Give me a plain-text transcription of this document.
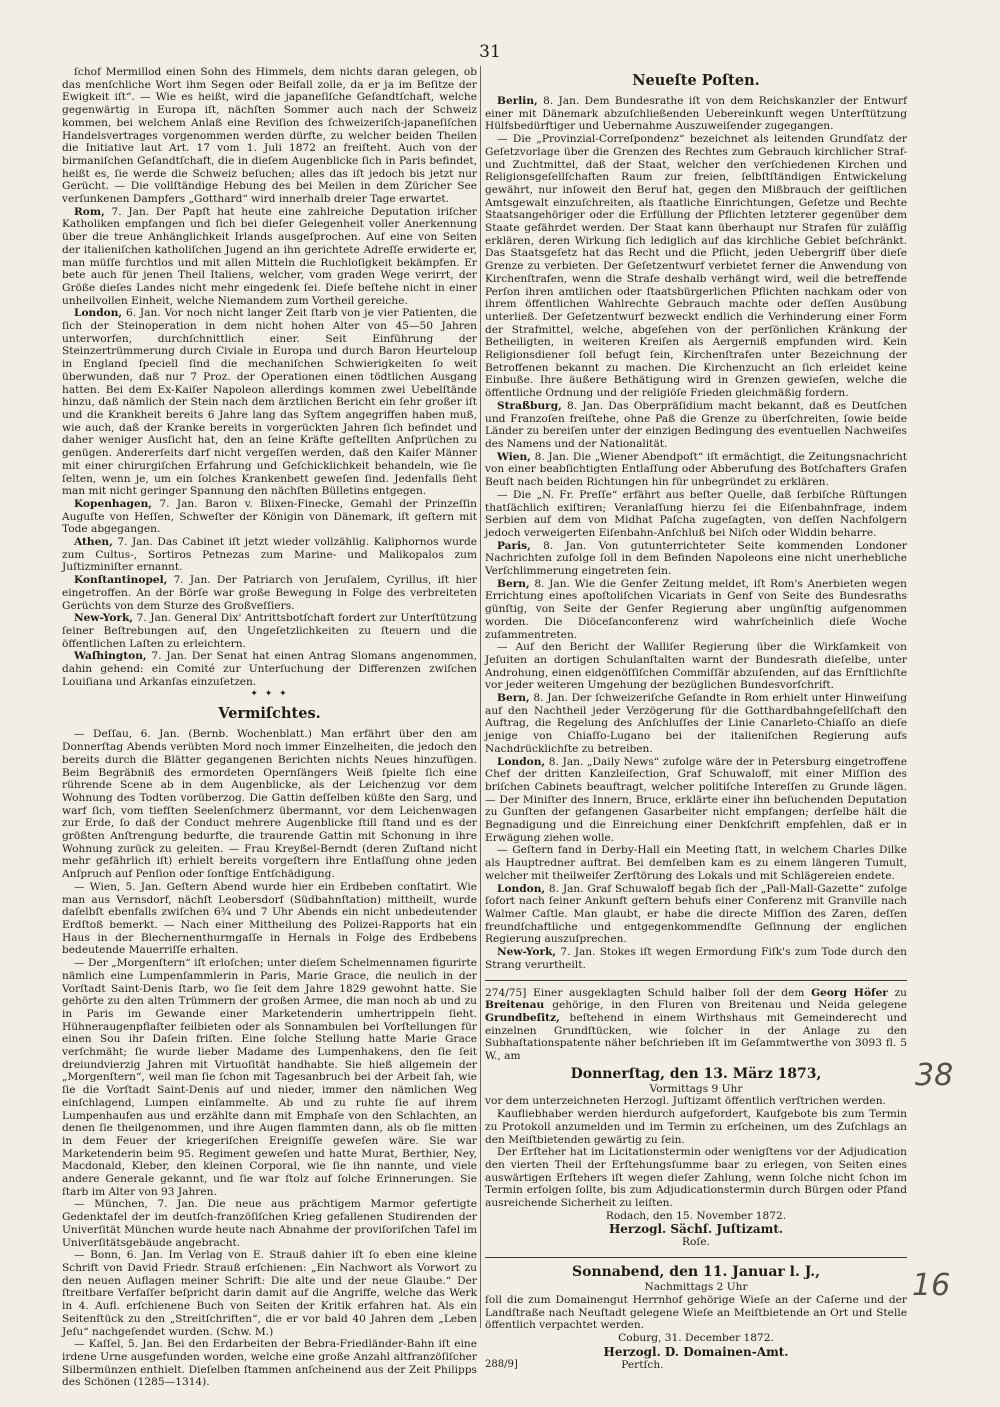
31

ſchof Mermillod einen Sohn des Himmels, dem nichts daran gelegen, ob das menſchliche Wort ihm Segen oder Beifall zolle, da er ja im Beſitze der Ewigkeit iſt“. — Wie es heißt, wird die japaneſiſche Geſandtſchaft, welche gegenwärtig in Europa iſt, nächſten Sommer auch nach der Schweiz kommen, bei welchem Anlaß eine Reviſion des ſchweizeriſch-japaneſiſchen Handelsvertrages vorgenommen werden dürfte, zu welcher beiden Theilen die Initiative laut Art. 17 vom 1. Juli 1872 an freiſteht. Auch von der birmaniſchen Geſandtſchaft, die in dieſem Augenblicke ſich in Paris befindet, heißt es, ſie werde die Schweiz beſuchen; alles das iſt jedoch bis jetzt nur Gerücht. — Die vollſtändige Hebung des bei Meilen in dem Züricher See verſunkenen Dampfers „Gotthard“ wird innerhalb dreier Tage erwartet.

Rom, 7. Jan. Der Papſt hat heute eine zahlreiche Deputation iriſcher Katholiken empfangen und ſich bei dieſer Gelegenheit voller Anerkennung über die treue Anhänglichkeit Irlands ausgeſprochen. Auf eine von Seiten der italieniſchen katholiſchen Jugend an ihn gerichtete Adreſſe erwiderte er, man müſſe furchtlos und mit allen Mitteln die Ruchloſigkeit bekämpfen. Er bete auch für jenen Theil Italiens, welcher, vom graden Wege verirrt, der Größe dieſes Landes nicht mehr eingedenk ſei. Dieſe beſtehe nicht in einer unheilvollen Einheit, welche Niemandem zum Vortheil gereiche.

London, 6. Jan. Vor noch nicht langer Zeit ſtarb von je vier Patienten, die ſich der Steinoperation in dem nicht hohen Alter von 45—50 Jahren unterworfen, durchſchnittlich einer. Seit Einführung der Steinzertrümmerung durch Civiale in Europa und durch Baron Heurteloup in England ſpeciell ſind die mechaniſchen Schwierigkeiten ſo weit überwunden, daß nur 7 Proz. der Operationen einen tödtlichen Ausgang hatten. Bei dem Ex-Kaiſer Napoleon allerdings kommen zwei Uebelſtände hinzu, daß nämlich der Stein nach dem ärztlichen Bericht ein ſehr großer iſt und die Krankheit bereits 6 Jahre lang das Syſtem angegriffen haben muß, wie auch, daß der Kranke bereits in vorgerückten Jahren ſich befindet und daher weniger Ausſicht hat, den an ſeine Kräfte geſtellten Anſprüchen zu genügen. Andererſeits darf nicht vergeſſen werden, daß den Kaiſer Männer mit einer chirurgiſchen Erfahrung und Geſchicklichkeit behandeln, wie ſie ſelten, wenn je, um ein ſolches Krankenbett geweſen ſind. Jedenfalls ſieht man mit nicht geringer Spannung den nächſten Bülletins entgegen.

Kopenhagen, 7. Jan. Baron v. Blixen-Finecke, Gemahl der Prinzeſſin Auguſte von Heſſen, Schweſter der Königin von Dänemark, iſt geſtern mit Tode abgegangen.

Athen, 7. Jan. Das Cabinet iſt jetzt wieder vollzählig. Kaliphornos wurde zum Cultus-, Sortiros Petnezas zum Marine- und Malikopalos zum Juſtizminiſter ernannt.

Konſtantinopel, 7. Jan. Der Patriarch von Jeruſalem, Cyrillus, iſt hier eingetroffen. An der Börſe war große Bewegung in Folge des verbreiteten Gerüchts von dem Sturze des Großveſſiers.

New-York, 7. Jan. General Dix' Antrittsbotſchaft fordert zur Unterſtützung ſeiner Beſtrebungen auf, den Ungeſetzlichkeiten zu ſteuern und die öffentlichen Laſten zu erleichtern.

Waſhington, 7. Jan. Der Senat hat einen Antrag Slomans angenommen, dahin gehend: ein Comité zur Unterſuchung der Differenzen zwiſchen Louiſiana und Arkanſas einzuſetzen.

✦ ✦ ✦
Vermiſchtes.

— Deſſau, 6. Jan. (Bernb. Wochenblatt.) Man erfährt über den am Donnerſtag Abends verübten Mord noch immer Einzelheiten, die jedoch den bereits durch die Blätter gegangenen Berichten nichts Neues hinzufügen. Beim Begräbniß des ermordeten Opernſängers Weiß ſpielte ſich eine rührende Scene ab in dem Augenblicke, als der Leichenzug vor dem Wohnung des Todten vorüberzog. Die Gattin deſſelben küßte den Sarg, und warf ſich, vom tiefſten Seelenſchmerz übermannt, vor dem Leichenwagen zur Erde, ſo daß der Conduct mehrere Augenblicke ſtill ſtand und es der größten Anſtrengung bedurfte, die traurende Gattin mit Schonung in ihre Wohnung zurück zu geleiten. — Frau Kreyßel-Berndt (deren Zuſtand nicht mehr gefährlich iſt) erhielt bereits vorgeſtern ihre Entlaſſung ohne jeden Anſpruch auf Penſion oder ſonſtige Entſchädigung.

— Wien, 5. Jan. Geſtern Abend wurde hier ein Erdbeben conſtatirt. Wie man aus Vernsdorf, nächſt Leobersdorf (Südbahnſtation) mittheilt, wurde daſelbſt ebenfalls zwiſchen 6¾ und 7 Uhr Abends ein nicht unbedeutender Erdſtoß bemerkt. — Nach einer Mittheilung des Polizei-Rapports hat ein Haus in der Blechernenthurmgaſſe in Hernals in Folge des Erdbebens bedeutende Mauerriſſe erhalten.

— Der „Morgenſtern“ iſt erloſchen; unter dieſem Schelmennamen figurirte nämlich eine Lumpenſammlerin in Paris, Marie Grace, die neulich in der Vorſtadt Saint-Denis ſtarb, wo ſie ſeit dem Jahre 1829 gewohnt hatte. Sie gehörte zu den alten Trümmern der großen Armee, die man noch ab und zu in Paris im Gewande einer Marketenderin umhertrippeln ſieht. Hühneraugenpflaſter feilbieten oder als Sonnambulen bei Vorſtellungen für einen Sou ihr Daſein friſten. Eine ſolche Stellung hatte Marie Grace verſchmäht; ſie wurde lieber Madame des Lumpenhakens, den ſie ſeit dreiundvierzig Jahren mit Virtuoſität handhabte. Sie hieß allgemein der „Morgenſtern“, weil man ſie ſchon mit Tagesanbruch bei der Arbeit ſah, wie ſie die Vorſtadt Saint-Denis auf und nieder, immer den nämlichen Weg einſchlagend, Lumpen einſammelte. Ab und zu ruhte ſie auf ihrem Lumpenhaufen aus und erzählte dann mit Emphaſe von den Schlachten, an denen ſie theilgenommen, und ihre Augen flammten dann, als ob ſie mitten in dem Feuer der kriegeriſchen Ereigniſſe geweſen wäre. Sie war Marketenderin beim 95. Regiment geweſen und hatte Murat, Berthier, Ney, Macdonald, Kleber, den kleinen Corporal, wie ſie ihn nannte, und viele andere Generale gekannt, und ſie war ſtolz auf ſolche Erinnerungen. Sie ſtarb im Alter von 93 Jahren.

— München, 7. Jan. Die neue aus prächtigem Marmor gefertigte Gedenktafel der im deutſch-franzöſiſchen Krieg gefallenen Studirenden der Univerſität München wurde heute nach Abnahme der proviſoriſchen Tafel im Univerſitätsgebäude angebracht.

— Bonn, 6. Jan. Im Verlag von E. Strauß dahier iſt ſo eben eine kleine Schrift von David Friedr. Strauß erſchienen: „Ein Nachwort als Vorwort zu den neuen Auflagen meiner Schrift: Die alte und der neue Glaube.“ Der ſtreitbare Verfaſſer beſpricht darin damit auf die Angriffe, welche das Werk in 4. Aufl. erſchienene Buch von Seiten der Kritik erfahren hat. Als ein Seitenſtück zu den „Streitſchriften“, die er vor bald 40 Jahren dem „Leben Jeſu“ nachgeſendet wurden. (Schw. M.)

— Kaſſel, 5. Jan. Bei den Erdarbeiten der Bebra-Friedländer-Bahn iſt eine irdene Urne ausgefunden worden, welche eine große Anzahl altfranzöſiſcher Silbermünzen enthielt. Dieſelben ſtammen anſcheinend aus der Zeit Philipps des Schönen (1285—1314).

Neueſte Poſten.

Berlin, 8. Jan. Dem Bundesrathe iſt von dem Reichskanzler der Entwurf einer mit Dänemark abzuſchließenden Uebereinkunft wegen Unterſtützung Hülfsbedürftiger und Uebernahme Auszuweiſender zugegangen.

— Die „Provinzial-Correſpondenz“ bezeichnet als leitenden Grundſatz der Geſetzvorlage über die Grenzen des Rechtes zum Gebrauch kirchlicher Straf- und Zuchtmittel, daß der Staat, welcher den verſchiedenen Kirchen und Religionsgeſellſchaften Raum zur freien, ſelbſtſtändigen Entwickelung gewährt, nur inſoweit den Beruf hat, gegen den Mißbrauch der geiſtlichen Amtsgewalt einzuſchreiten, als ſtaatliche Einrichtungen, Geſetze und Rechte Staatsangehöriger oder die Erfüllung der Pflichten letzterer gegenüber dem Staate gefährdet werden. Der Staat kann überhaupt nur Strafen für zuläſſig erklären, deren Wirkung ſich lediglich auf das kirchliche Gebiet beſchränkt. Das Staatsgeſetz hat das Recht und die Pflicht, jeden Uebergriff über dieſe Grenze zu verbieten. Der Geſetzentwurf verbietet ferner die Anwendung von Kirchenſtrafen, wenn die Strafe deshalb verhängt wird, weil die betreffende Perſon ihren amtlichen oder ſtaatsbürgerlichen Pflichten nachkam oder von ihrem öffentlichen Wahlrechte Gebrauch machte oder deſſen Ausübung unterließ. Der Geſetzentwurf bezweckt endlich die Verhinderung einer Form der Strafmittel, welche, abgeſehen von der perſönlichen Kränkung der Betheiligten, in weiteren Kreiſen als Aergerniß empfunden wird. Kein Religionsdiener ſoll befugt ſein, Kirchenſtrafen unter Bezeichnung der Betroffenen bekannt zu machen. Die Kirchenzucht an ſich erleidet keine Einbuße. Ihre äußere Bethätigung wird in Grenzen gewieſen, welche die öffentliche Ordnung und der religiöſe Frieden gleichmäßig fordern.

Straßburg, 8. Jan. Das Oberpräſidium macht bekannt, daß es Deutſchen und Franzoſen freiſtehe, ohne Paß die Grenze zu überſchreiten, ſowie beide Länder zu bereiſen unter der einzigen Bedingung des eventuellen Nachweiſes des Namens und der Nationalität.

Wien, 8. Jan. Die „Wiener Abendpoſt“ iſt ermächtigt, die Zeitungsnachricht von einer beabſichtigten Entlaſſung oder Abberufung des Botſchafters Grafen Beuſt nach beiden Richtungen hin für unbegründet zu erklären.

— Die „N. Fr. Preſſe“ erfährt aus beſter Quelle, daß ſerbiſche Rüſtungen thatſächlich exiſtiren; Veranlaſſung hierzu ſei die Eiſenbahnfrage, indem Serbien auf dem von Midhat Paſcha zugeſagten, von deſſen Nachfolgern jedoch verweigerten Eiſenbahn-Anſchluß bei Niſch oder Widdin beharre.

Paris, 8. Jan. Von gutunterrichteter Seite kommenden Londoner Nachrichten zufolge ſoll in dem Befinden Napoleons eine nicht unerhebliche Verſchlimmerung eingetreten ſein.

Bern, 8. Jan. Wie die Genfer Zeitung meldet, iſt Rom's Anerbieten wegen Errichtung eines apoſtoliſchen Vicariats in Genf von Seite des Bundesraths günſtig, von Seite der Genfer Regierung aber ungünſtig aufgenommen worden. Die Diöceſanconferenz wird wahrſcheinlich dieſe Woche zuſammentreten.

— Auf den Bericht der Walliſer Regierung über die Wirkſamkeit von Jeſuiten an dortigen Schulanſtalten warnt der Bundesrath dieſelbe, unter Androhung, einen eidgenöſſiſchen Commiſſär abzuſenden, auf das Ernſtlichſte vor jeder weiteren Umgehung der bezüglichen Bundesvorſchrift.

Bern, 8. Jan. Der ſchweizeriſche Geſandte in Rom erhielt unter Hinweiſung auf den Nachtheil jeder Verzögerung für die Gotthardbahngeſellſchaft den Auftrag, die Regelung des Anſchluſſes der Linie Canarleto-Chiaſſo an dieſe jenige von Chiaſſo-Lugano bei der italieniſchen Regierung aufs Nachdrücklichſte zu betreiben.

London, 8. Jan. „Daily News“ zufolge wäre der in Petersburg eingetroffene Chef der dritten Kanzleiſection, Graf Schuwaloff, mit einer Miſſion des briſchen Cabinets beauftragt, welcher politiſche Intereſſen zu Grunde lägen. — Der Miniſter des Innern, Bruce, erklärte einer ihn beſuchenden Deputation zu Gunſten der gefangenen Gasarbeiter nicht empfangen; derſelbe hält die Begnadigung und die Einreichung einer Denkſchrift empfehlen, daß er in Erwägung ziehen wolle.

— Geſtern fand in Derby-Hall ein Meeting ſtatt, in welchem Charles Dilke als Hauptredner auftrat. Bei demſelben kam es zu einem längeren Tumult, welcher mit theilweiſer Zerſtörung des Lokals und mit Schlägereien endete.

London, 8. Jan. Graf Schuwaloff begab ſich der „Pall-Mall-Gazette“ zufolge ſofort nach ſeiner Ankunft geſtern behufs einer Conferenz mit Granville nach Walmer Caſtle. Man glaubt, er habe die directe Miſſion des Zaren, deſſen freundſchaftliche und entgegenkommendſte Geſinnung der englichen Regierung auszuſprechen.

New-York, 7. Jan. Stokes iſt wegen Ermordung Fiſk's zum Tode durch den Strang verurtheilt.

274/75] Einer ausgeklagten Schuld halber ſoll der dem Georg Höfer zu Breitenau gehörige, in den Fluren von Breitenau und Neida gelegene Grundbeſitz, beſtehend in einem Wirthshaus mit Gemeinderecht und einzelnen Grundſtücken, wie ſolcher in der Anlage zu den Subhaſtationspatente näher beſchrieben iſt im Geſammtwerthe von 3093 fl. 5 W., am

Donnerſtag, den 13. März 1873,

Vormittags 9 Uhr

vor dem unterzeichneten Herzogl. Juſtizamt öffentlich verſtrichen werden.

Kaufliebhaber werden hierdurch aufgefordert, Kaufgebote bis zum Termin zu Protokoll anzumelden und im Termin zu erſcheinen, um des Zuſchlags an den Meiſtbietenden gewärtig zu ſein.

Der Erſteher hat im Licitationstermin oder wenigſtens vor der Adjudication den vierten Theil der Erſtehungsſumme baar zu erlegen, von Seiten eines auswärtigen Erſtehers iſt wegen dieſer Zahlung, wenn ſolche nicht ſchon im Termin erfolgen ſollte, bis zum Adjudicationstermin durch Bürgen oder Pfand ausreichende Sicherheit zu leiſten.

Rodach, den 15. November 1872.

Herzogl. Sächſ. Juſtizamt.

Roſe.

Sonnabend, den 11. Januar l. J.,

Nachmittags 2 Uhr

ſoll die zum Domainengut Herrnhof gehörige Wieſe an der Caſerne und der Landſtraße nach Neuſtadt gelegene Wieſe an Meiſtbietende an Ort und Stelle öffentlich verpachtet werden.

Coburg, 31. December 1872.

Herzogl. D. Domainen-Amt.

288/9]	Pertſch.

38
16
